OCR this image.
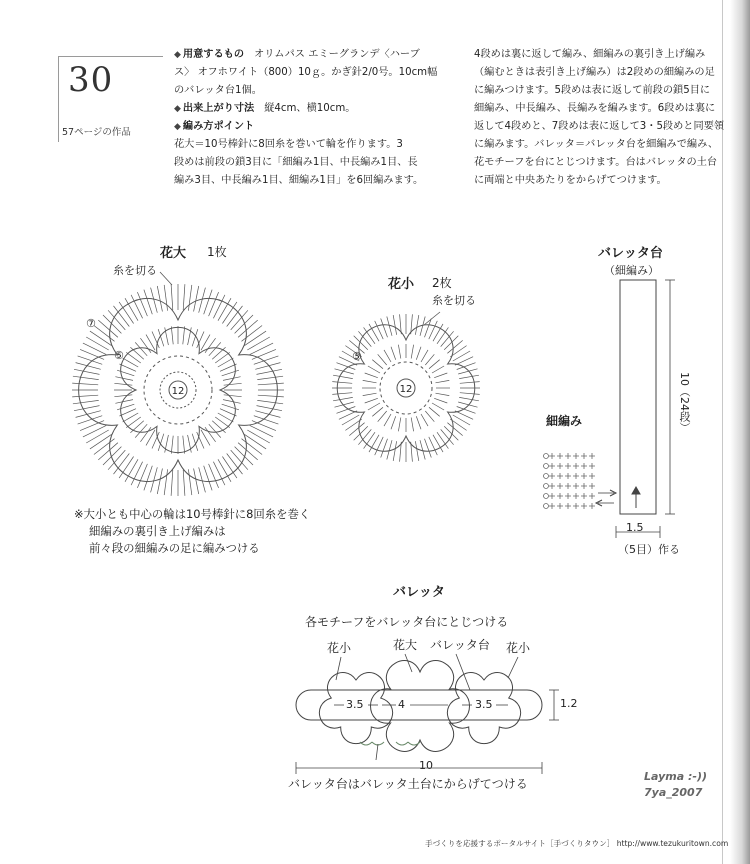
30
57ページの作品
◆ 用意するもの オリムパス エミーグランデ〈ハーブ
ス〉 オフホワイト（800）10ｇ。かぎ針2/0号。10cm幅
のバレッタ台1個。
◆ 出来上がり寸法 縦4cm、横10cm。
◆ 編み方ポイント
花大＝10号棒針に8回糸を巻いて輪を作ります。3
段めは前段の鎖3目に「細編み1目、中長編み1目、長
編み3目、中長編み1目、細編み1目」を6回編みます。
4段めは裏に返して編み、細編みの裏引き上げ編み
（編むときは表引き上げ編み）は2段めの細編みの足
に編みつけます。5段めは表に返して前段の鎖5目に
細編み、中長編み、長編みを編みます。6段めは裏に
返して4段めと、7段めは表に返して3・5段めと同要領
に編みます。バレッタ＝バレッタ台を細編みで編み、
花モチーフを台にとじつけます。台はバレッタの土台
に両端と中央あたりをからげてつけます。
花大 1枚
糸を切る
⑦
⑤
12
花小 2枚
糸を切る
⑤
12
※大小とも中心の輪は10号棒針に8回糸を巻く
細編みの裏引き上げ編みは
前々段の細編みの足に編みつける
バレッタ台
（細編み）
細編み	10（24段）
1.5
（5目）作る
バレッタ
各モチーフをバレッタ台にとじつける
花小	花大 バレッタ台 花小
3.5	4	3.5	1.2
10
バレッタ台はバレッタ土台にからげてつける
Layma :-))
7ya_2007
手づくりを応援するポータルサイト［手づくりタウン］ http://www.tezukuritown.com
